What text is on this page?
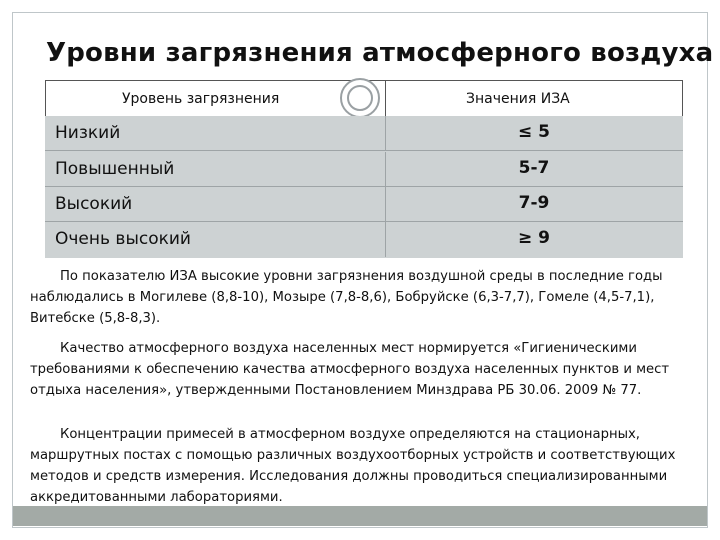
Уровни загрязнения атмосферного воздуха
Уровень загрязнения	Значения ИЗА
Низкий	≤ 5
Повышенный	5-7
Высокий	7-9
Очень высокий	≥ 9
По показателю ИЗА высокие уровни загрязнения воздушной среды в последние годы наблюдались в Могилеве (8,8-10), Мозыре (7,8-8,6), Бобруйске (6,3-7,7), Гомеле (4,5-7,1), Витебске (5,8-8,3).
Качество атмосферного воздуха населенных мест нормируется «Гигиеническими требованиями к обеспечению качества атмосферного воздуха населенных пунктов и мест отдыха населения», утвержденными Постановлением Минздрава РБ 30.06. 2009 № 77.
Концентрации примесей в атмосферном воздухе определяются на стационарных, маршрутных постах с помощью различных воздухоотборных устройств и соответствующих методов и средств измерения. Исследования должны проводиться специализированными аккредитованными лабораториями.
